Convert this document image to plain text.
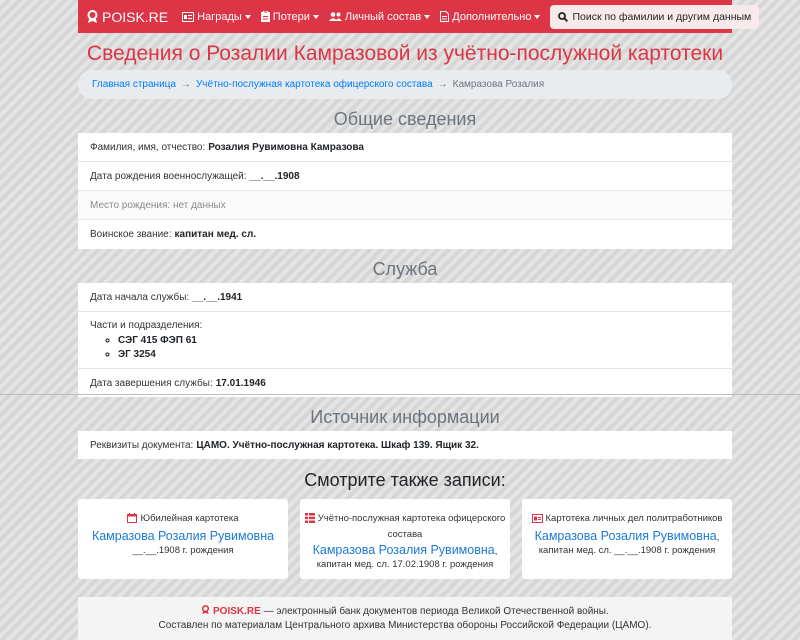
POISK.RE	Награды	Потери	Личный состав	Дополнительно	Поиск по фамилии и другим данным
Сведения о Розалии Камразовой из учётно-послужной картотеки
Главная страница → Учётно-послужная картотека офицерского состава → Камразова Розалия
Общие сведения
Фамилия, имя, отчество: Розалия Рувимовна Камразова
Дата рождения военнослужащей: __.__.1908
Место рождения: нет данных
Воинское звание: капитан мед. сл.
Служба
Дата начала службы: __.__.1941
Части и подразделения:
◦ СЭГ 415 ФЭП 61
◦ ЭГ 3254
Дата завершения службы: 17.01.1946
Источник информации
Реквизиты документа: ЦАМО. Учётно-послужная картотека. Шкаф 139. Ящик 32.
Смотрите также записи:
Юбилейная картотека
Камразова Розалия Рувимовна
__.__.1908 г. рождения
Учётно-послужная картотека офицерского состава
Камразова Розалия Рувимовна,
капитан мед. сл. 17.02.1908 г. рождения
Картотека личных дел политработников
Камразова Розалия Рувимовна,
капитан мед. сл. __.__.1908 г. рождения
POISK.RE — электронный банк документов периода Великой Отечественной войны.
Составлен по материалам Центрального архива Министерства обороны Российской Федерации (ЦАМО).
